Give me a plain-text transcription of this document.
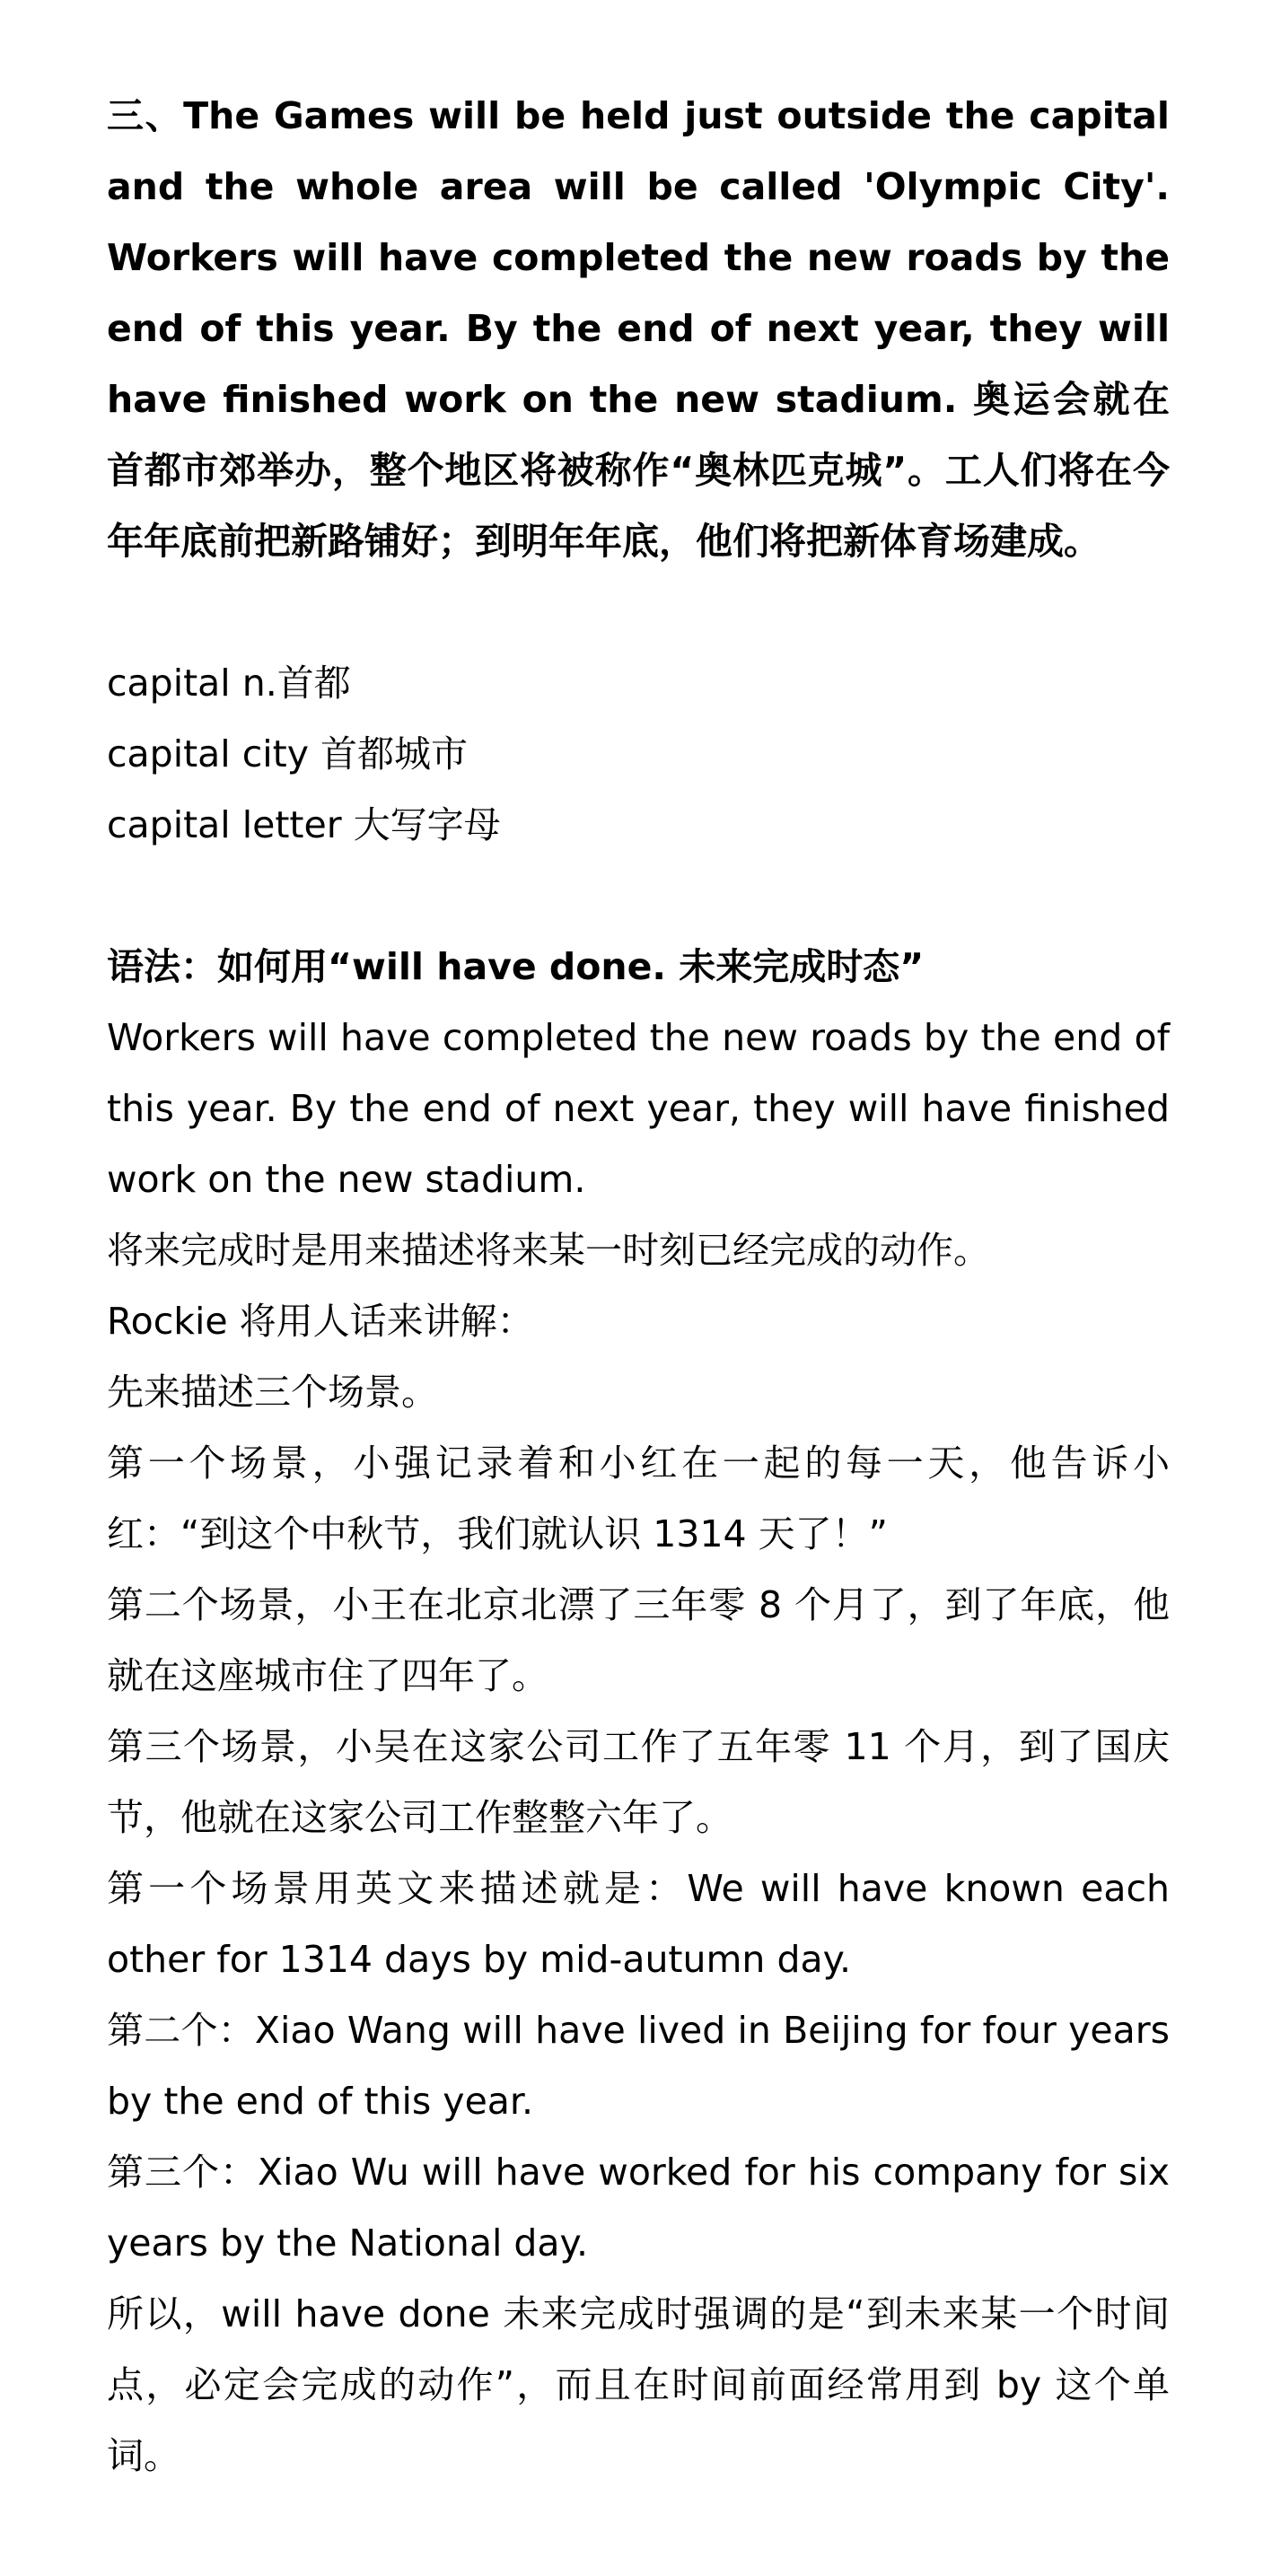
三、The Games will be held just outside the capital and the whole area will be called 'Olympic City'. Workers will have completed the new roads by the end of this year. By the end of next year, they will have finished work on the new stadium. 奥运会就在首都市郊举办，整个地区将被称作“奥林匹克城”。工人们将在今年年底前把新路铺好；到明年年底，他们将把新体育场建成。

capital n.首都
capital city 首都城市
capital letter 大写字母
语法：如何用“will have done. 未来完成时态”

Workers will have completed the new roads by the end of this year. By the end of next year, they will have finished work on the new stadium.

将来完成时是用来描述将来某一时刻已经完成的动作。

Rockie 将用人话来讲解：

先来描述三个场景。

第一个场景，小强记录着和小红在一起的每一天，他告诉小红：“到这个中秋节，我们就认识 1314 天了！”

第二个场景，小王在北京北漂了三年零 8 个月了，到了年底，他就在这座城市住了四年了。

第三个场景，小吴在这家公司工作了五年零 11 个月，到了国庆节，他就在这家公司工作整整六年了。

第一个场景用英文来描述就是：We will have known each other for 1314 days by mid-autumn day.

第二个：Xiao Wang will have lived in Beijing for four years by the end of this year.

第三个：Xiao Wu will have worked for his company for six years by the National day.

所以，will have done 未来完成时强调的是“到未来某一个时间点，必定会完成的动作”，而且在时间前面经常用到 by 这个单词。
